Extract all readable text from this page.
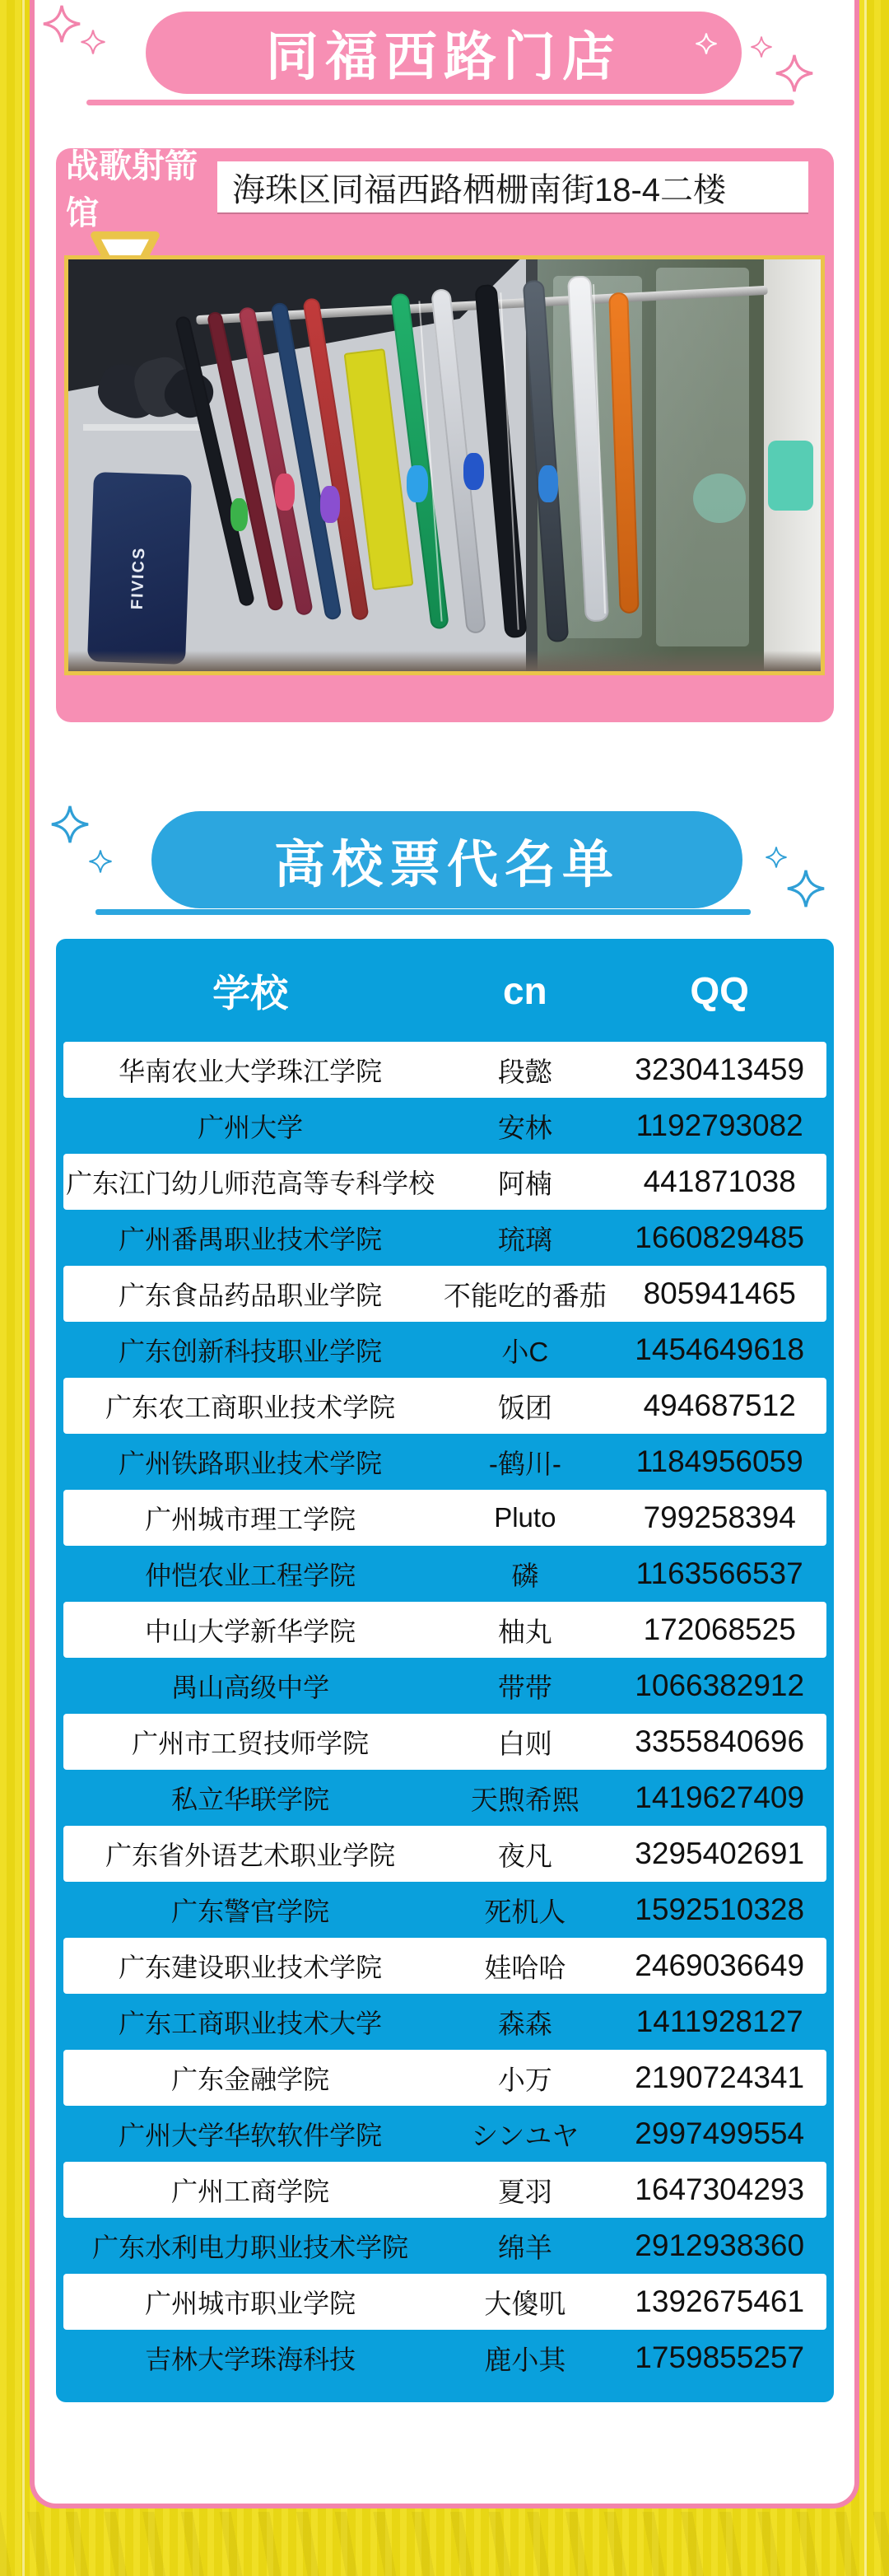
同福西路门店
战歌射箭馆
海珠区同福西路栖栅南街18-4二楼
FIVICS
高校票代名单
学校	cn	QQ
华南农业大学珠江学院	段懿	3230413459
广州大学	安林	1192793082
广东江门幼儿师范高等专科学校	阿楠	441871038
广州番禺职业技术学院	琉璃	1660829485
广东食品药品职业学院	不能吃的番茄	805941465
广东创新科技职业学院	小C	1454649618
广东农工商职业技术学院	饭团	494687512
广州铁路职业技术学院	-鹤川-	1184956059
广州城市理工学院	Pluto	799258394
仲恺农业工程学院	磷	1163566537
中山大学新华学院	柚丸	172068525
禺山高级中学	带带	1066382912
广州市工贸技师学院	白则	3355840696
私立华联学院	天煦希熙	1419627409
广东省外语艺术职业学院	夜凡	3295402691
广东警官学院	死机人	1592510328
广东建设职业技术学院	娃哈哈	2469036649
广东工商职业技术大学	森森	1411928127
广东金融学院	小万	2190724341
广州大学华软软件学院	シンユヤ	2997499554
广州工商学院	夏羽	1647304293
广东水利电力职业技术学院	绵羊	2912938360
广州城市职业学院	大傻叽	1392675461
吉林大学珠海科技	鹿小其	1759855257
